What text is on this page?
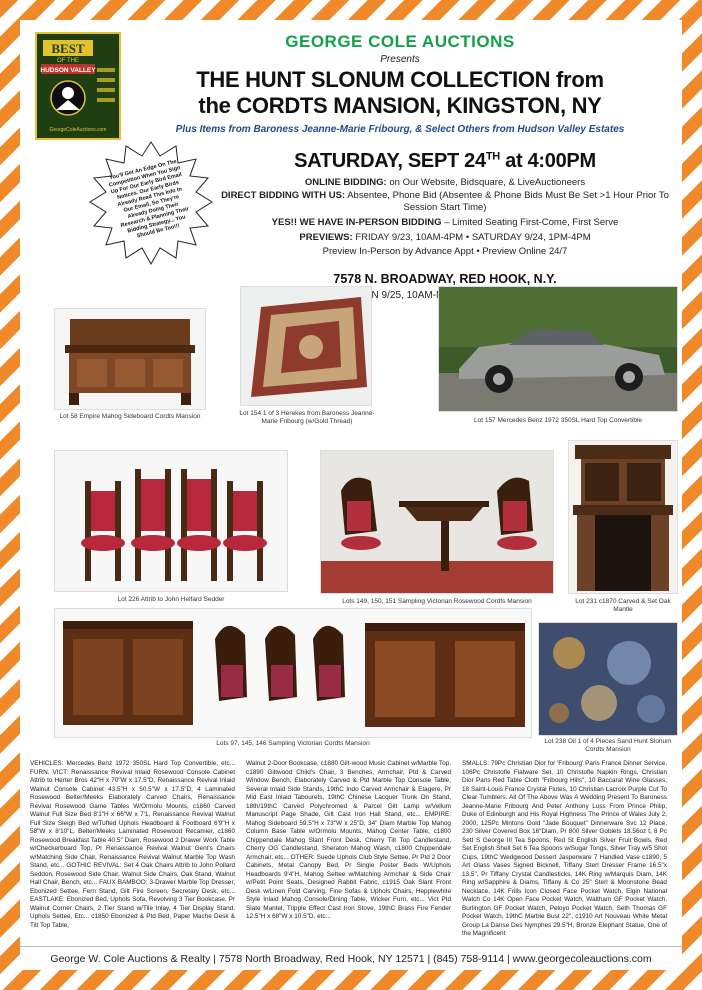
BEST
OF THE
HUDSON VALLEY
GeorgeColeAuctions.com
GEORGE COLE AUCTIONS
Presents
THE HUNT SLONUM COLLECTION from
the CORDTS MANSION, KINGSTON, NY
Plus Items from Baroness Jeanne-Marie Fribourg, & Select Others from Hudson Valley Estates
You'll Get An Edge On The Competition When You Sign Up For Our Early Bird Email Notices. Our Early Birds Already Read This Info In Our Email, So They're Already Doing Their Research & Planning Their Bidding Strategy... You Should Be Too!!!
SATURDAY, SEPT 24TH at 4:00PM
ONLINE BIDDING: on Our Website, Bidsquare, & LiveAuctioneers
DIRECT BIDDING WITH US: Absentee, Phone Bid (Absentee & Phone Bids Must Be Set >1 Hour Prior To Session Start Time)
YES!! WE HAVE IN-PERSON BIDDING – Limited Seating First-Come, First Serve
PREVIEWS: FRIDAY 9/23, 10AM-4PM • SATURDAY 9/24, 1PM-4PM
Preview In-Person by Advance Appt • Preview Online 24/7
7578 N. BROADWAY, RED HOOK, N.Y.
9/25, 10AM-NOON
Lot 58 Empire Mahog Sideboard Cordts Mansion	Lot 154 1 of 3 Herekes from Baroness Jeanne-Marie Fribourg (w/Gold Thread)	Lot 157 Mercedes Benz 1972 350SL Hard Top Convertible
Lot 226 Attrib to John Helfard Sedder	Lots 149, 150, 151 Sampling Victorian Rosewood Cordts Mansion	Lot 231 c1870 Carved & Set Oak Mantle
Lots 97, 145, 146 Sampling Victorian Cordts Mansion	Lot 238 Oil 1 of 4 Pieces Sand Hunt Slonum Cordts Mansion
VEHICLES: Mercedes Benz 1972 350SL Hard Top Convertible, etc... FURN. VICT: Renaissance Revival Inlaid Rosewood Console Cabinet Attrib to Herter Bros 42"H x 70"W x 17.5"D, Renaissance Revival Inlaid Walnut Console Cabinet 43.5"H x 50.5"W x 17.5"D, 4 Laminated Rosewood Belter/Meeks Elaborately Carved Chairs, Renaissance Revival Rosewood Game Tables W/Ormolu Mounts, c1860 Carved Walnut Full Size Bed 8'1"H x 66"W x 7'1, Renaissance Revival Walnut Full Size Sleigh Bed w/Tufted Uphols Headboard & Footboard 6'9"H x 58"W x 8'10"L, Belter/Meeks Laminated Rosewood Recamier, c1860 Rosewood Breakfast Table 40.5" Diam, Rosewood 2 Drawer Work Table w/Checkerboard Top, Pr Renaissance Revival Walnut Gent's Chairs w/Matching Side Chair, Renaissance Revival Walnut Marble Top Wash Stand, etc... GOTHIC REVIVAL: Set 4 Oak Chairs Attrib to John Pollard Seddon, Rosewood Side Chair, Walnut Side Chairs, Oak Stand, Walnut Hall Chair, Bench, etc... FAUX BAMBOO: 3-Drawer Marble Top Dresser, Ebonized Settee, Fern Stand, Gilt Fire Screen, Secretary Desk, etc... EASTLAKE: Ebonized Bed, Uphols Sofa, Revolving 3 Tier Bookcase, Pr Walnut Corner Chairs, 2 Tier Stand w/Tile Inlay, 4 Tier Display Stand, Uphols Settee, Etc... c1850 Ebonized & Ptd Bed, Paper Mache Desk & Tilt Top Table,
Walnut 2-Door Bookcase, c1880 Gilt-wood Music Cabinet w/Marble Top, c1890 Giltwood Child's Chair, 3 Benches, Armchair, Ptd & Carved Window Bench, Elaborately Carved & Ptd Marble Top Console Table, Several Inlaid Side Stands, 19thC Indo Carved Armchair & Etagere, Pr Mid East Inlaid Tabourets, 19thC Chinese Lacquer Trunk On Stand, 18th/19thC Carved Polychromed & Parcel Gilt Lamp w/Vellum Manuscript Page Shade, Gilt Cast Iron Hall Stand, etc... EMPIRE: Mahog Sideboard 59.5"H x 73"W x 25"D, 34" Diam Marble Top Mahog Column Base Table w/Ormolu Mounts, Mahog Center Table, c1800 Chippendale Mahog Slant Front Desk, Cherry Tilt Top Candlestand, Cherry OG Candlestand, Sheraton Mahog Wash, c1800 Chippendale Armchair, etc... OTHER: Suede Uphols Club Style Settee, Pr Ptd 2 Door Cabinets, Metal Canopy Bed, Pr Single Poster Beds W/Uphols Headboards 9'4"H, Mahog Settee w/Matching Armchair & Side Chair w/Petit Point Seats, Designed Rabbit Fabric, c1915 Oak Slant Front Desk w/Linen Fold Carving, Fine Sofas & Uphols Chairs, Hepplewhite Style Inlaid Mahog Console/Dining Table, Wicker Furn, etc... Vict Ptd Slate Mantel, Tripple Effect Cast Iron Stove, 19thC Brass Fire Fender 12.5"H x 68"W x 10.5"D, etc...
SMALLS: 79Pc Christian Dior for 'Fribourg' Paris France Dinner Service, 106Pc Christofle Flatware Set, 10 Christofle Napkin Rings, Christian Dior Paris Red Table Cloth "Fribourg Hills", 10 Baccarat Wine Glasses, 18 Saint-Louis France Crystal Flutes, 10 Christian Lacroix Purple Cut To Clear Tumblers. All Of The Above Was A Wedding Present To Baroness Jeanne-Marie Fribourg And Peter Anthony Luss From Prince Philip, Duke of Edinburgh and His Royal Highness The Prince of Wales July 2, 2000, 125Pc Mintons Gold "Jade Bouquet" Dinnerware Svc 12 Place, 230 Silver Covered Box 16"Diam, Pr 800 Silver Goblets 18.56oz t, 8 Pc Sett S George III Tea Spoons, Red St English Silver Fruit Bowls, Red Set English Shell Set 6 Tea Spoons w/Sugar Tongs, Silver Tray w/5 Shot Cups, 19thC Wedgwood Dessert Jasperware 7 Handled Vase c1890, 5 Art Glass Vases Signed Bicknell, Tiffany Sterl Dresser Frame 16.5"x 13.5", Pr Tiffany Crystal Candlesticks, 14K Ring w/Marquis Diam, 14K Ring w/Sapphire & Diams, Tiffany & Co 25" Sterl & Moonstone Bead Necklace, 14K Frills Icon Closed Face Pocket Watch, Elgin National Watch Co 14K Open Face Pocket Watch, Waltham GF Pocket Watch, Burlington GF Pocket Watch, Peloyo Pocket Watch, Seth Thomas GF Pocket Watch, 19thC Marble Bust 22", c1910 Art Nouveau White Metal Group La Danse Des Nymphes 29.5"H, Bronze Elephant Statue, One of the Magnificent
George W. Cole Auctions & Realty | 7578 North Broadway, Red Hook, NY 12571 | (845) 758-9114 | www.georgecoleauctions.com
